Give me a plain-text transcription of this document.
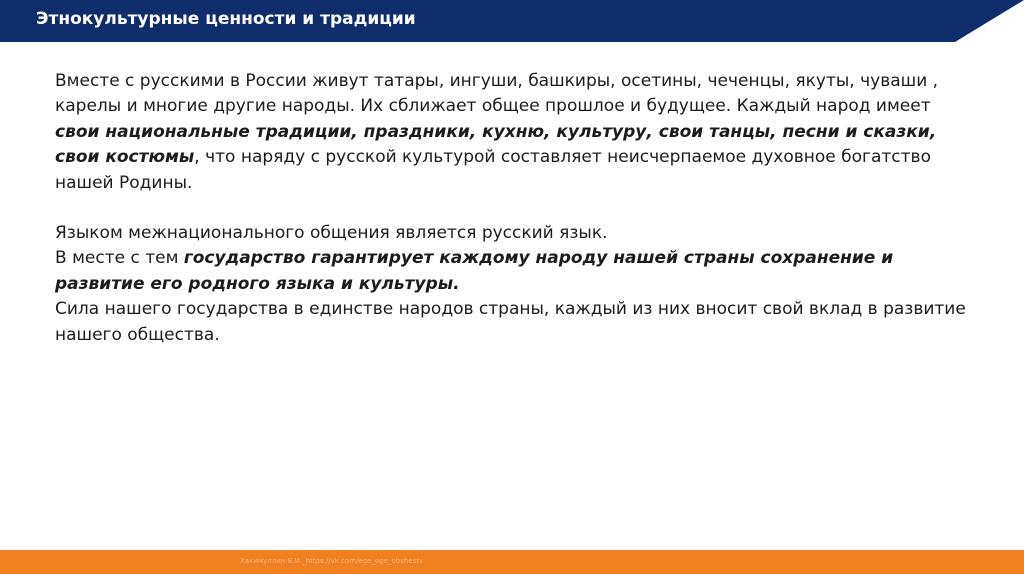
Этнокультурные ценности и традиции

Вместе с русскими в России живут татары, ингуши, башкиры, осетины, чеченцы, якуты, чуваши , карелы и многие другие народы. Их сближает общее прошлое и будущее. Каждый народ имеет свои национальные традиции, праздники, кухню, культуру, свои танцы, песни и сказки, свои костюмы, что наряду с русской культурой составляет неисчерпаемое духовное богатство нашей Родины.

Языком межнационального общения является русский язык.

В месте с тем государство гарантирует каждому народу нашей страны сохранение и развитие его родного языка и культуры.

Сила нашего государства в единстве народов страны, каждый из них вносит свой вклад в развитие нашего общества.

Хакимуллин Б.И._https://vk.com/ege_oge_obshestv
